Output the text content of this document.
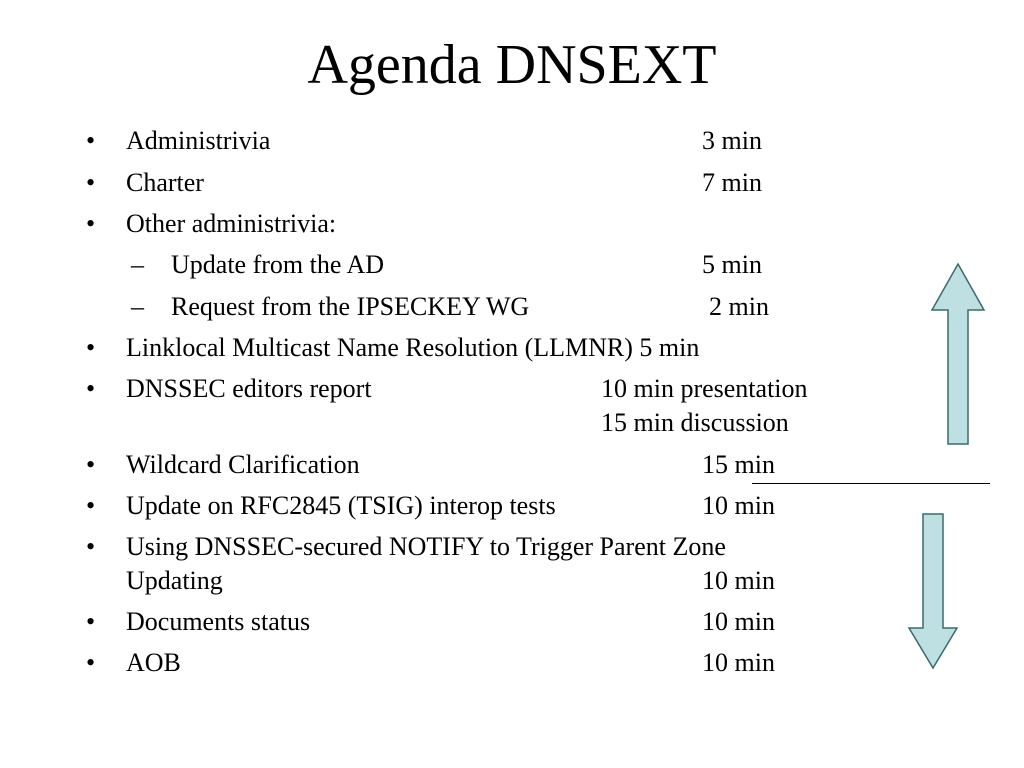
Agenda DNSEXT
• Administrivia	3 min
• Charter	7 min
• Other administrivia:
– Update from the AD	5 min
– Request from the IPSECKEY WG	2 min
• Linklocal Multicast Name Resolution (LLMNR) 5 min
• DNSSEC editors report	10 min presentation
15 min discussion
• Wildcard Clarification	15 min
• Update on RFC2845 (TSIG) interop tests	10 min
• Using DNSSEC-secured NOTIFY to Trigger Parent Zone
Updating	10 min
• Documents status	10 min
• AOB	10 min
